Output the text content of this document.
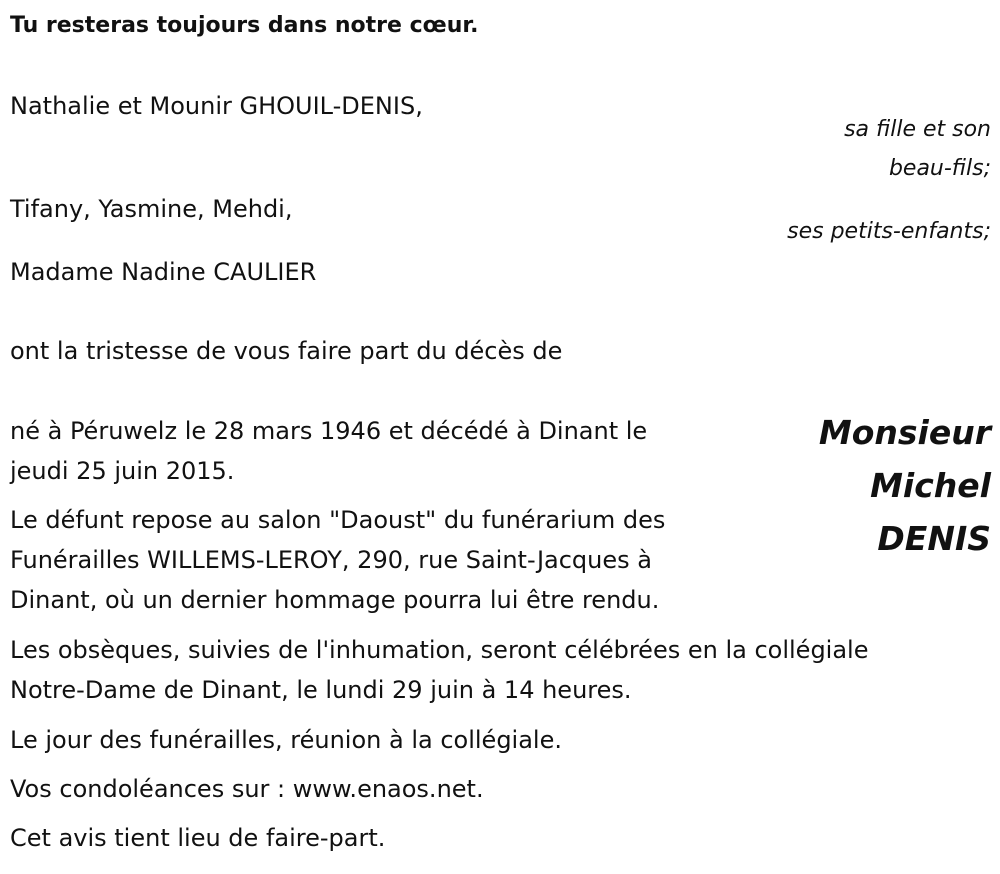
Tu resteras toujours dans notre cœur.

Nathalie et Mounir GHOUIL-DENIS,

sa fille et son

beau-fils;

Tifany, Yasmine, Mehdi,

ses petits-enfants;

Madame Nadine CAULIER

ont la tristesse de vous faire part du décès de

Monsieur
Michel
DENIS
né à Péruwelz le 28 mars 1946 et décédé à Dinant le
jeudi 25 juin 2015.
Le défunt repose au salon "Daoust" du funérarium des
Funérailles WILLEMS-LEROY, 290, rue Saint-Jacques à
Dinant, où un dernier hommage pourra lui être rendu.
Les obsèques, suivies de l'inhumation, seront célébrées en la collégiale
Notre-Dame de Dinant, le lundi 29 juin à 14 heures.

Le jour des funérailles, réunion à la collégiale.

Vos condoléances sur : www.enaos.net.

Cet avis tient lieu de faire-part.
